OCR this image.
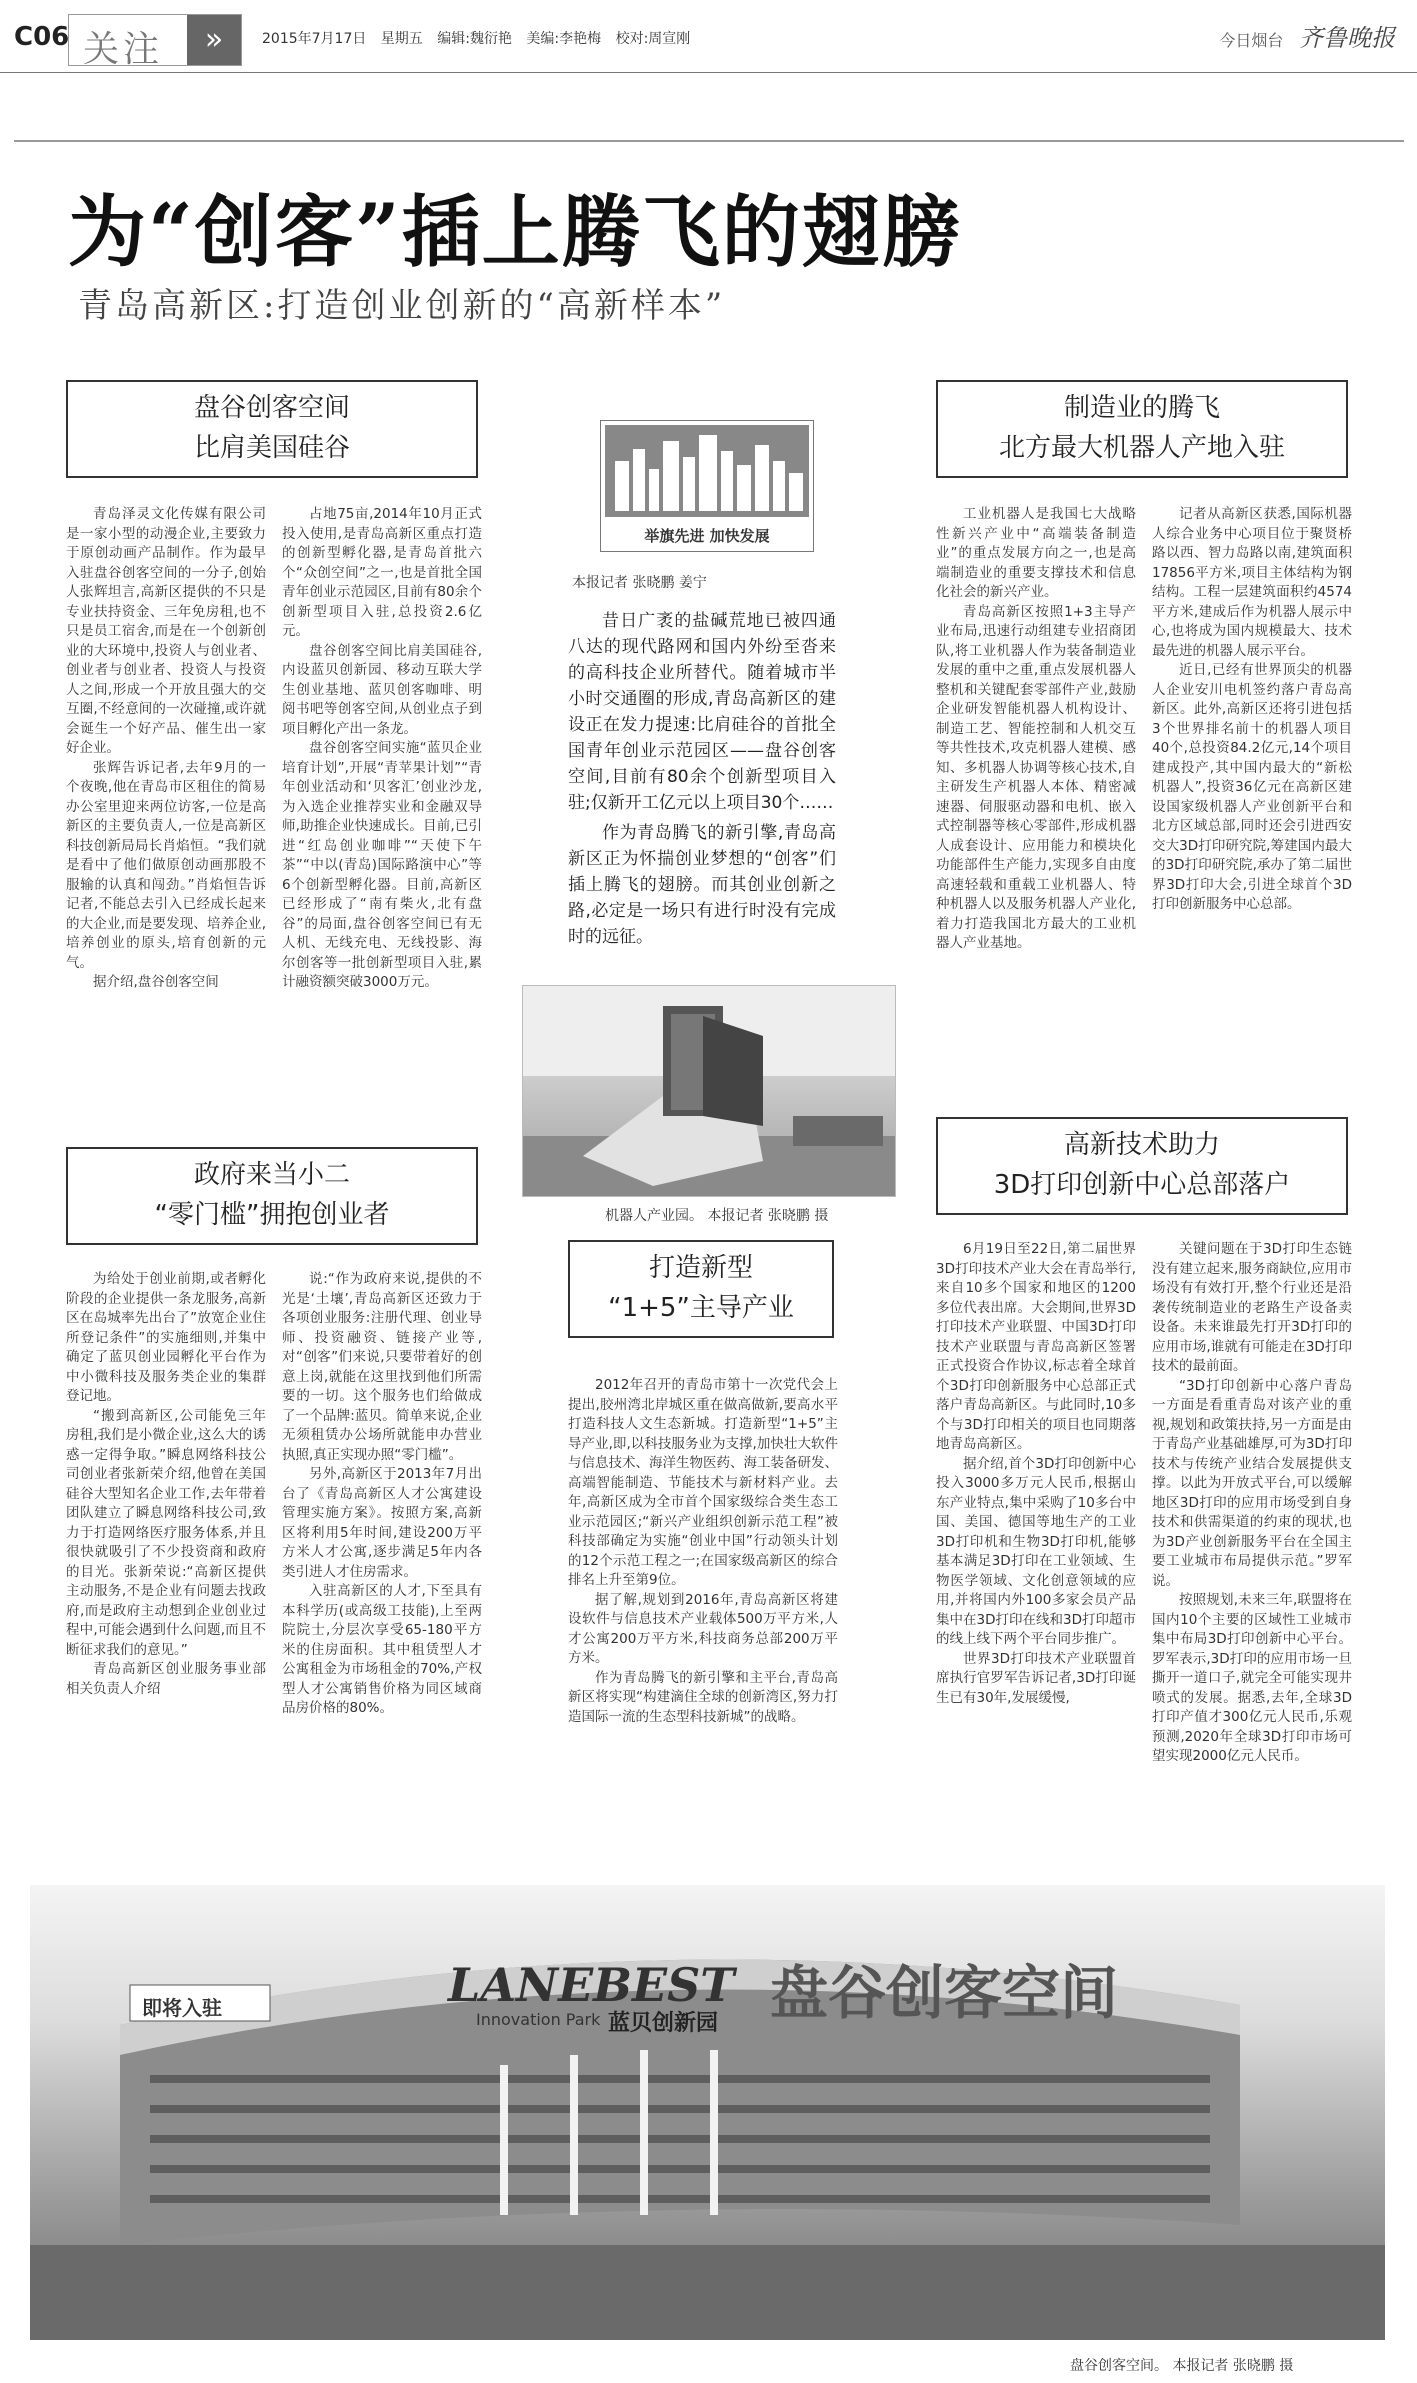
C06 关注	»	2015年7月17日 星期五 编辑:魏衍艳 美编:李艳梅 校对:周宣刚	今日烟台 齐鲁晚报
为“创客”插上腾飞的翅膀
青岛高新区:打造创业创新的“高新样本”
盘谷创客空间
比肩美国硅谷

青岛泽灵文化传媒有限公司是一家小型的动漫企业,主要致力于原创动画产品制作。作为最早入驻盘谷创客空间的一分子,创始人张辉坦言,高新区提供的不只是专业扶持资金、三年免房租,也不只是员工宿舍,而是在一个创新创业的大环境中,投资人与创业者、创业者与创业者、投资人与投资人之间,形成一个开放且强大的交互圈,不经意间的一次碰撞,或许就会诞生一个好产品、催生出一家好企业。

张辉告诉记者,去年9月的一个夜晚,他在青岛市区租住的简易办公室里迎来两位访客,一位是高新区的主要负责人,一位是高新区科技创新局局长肖焰恒。“我们就是看中了他们做原创动画那股不服输的认真和闯劲。”肖焰恒告诉记者,不能总去引入已经成长起来的大企业,而是要发现、培养企业,培养创业的原头,培育创新的元气。

据介绍,盘谷创客空间

占地75亩,2014年10月正式投入使用,是青岛高新区重点打造的创新型孵化器,是青岛首批六个“众创空间”之一,也是首批全国青年创业示范园区,目前有80余个创新型项目入驻,总投资2.6亿元。

盘谷创客空间比肩美国硅谷,内设蓝贝创新园、移动互联大学生创业基地、蓝贝创客咖啡、明阅书吧等创客空间,从创业点子到项目孵化产出一条龙。

盘谷创客空间实施“蓝贝企业培育计划”,开展“青苹果计划”“青年创业活动和‘贝客汇’创业沙龙,为入选企业推荐实业和金融双导师,助推企业快速成长。目前,已引进“红岛创业咖啡”“天使下午茶”“中以(青岛)国际路演中心”等6个创新型孵化器。目前,高新区已经形成了“南有柴火,北有盘谷”的局面,盘谷创客空间已有无人机、无线充电、无线投影、海尔创客等一批创新型项目入驻,累计融资额突破3000万元。

政府来当小二
“零门槛”拥抱创业者

为给处于创业前期,或者孵化阶段的企业提供一条龙服务,高新区在岛城率先出台了”放宽企业住所登记条件”的实施细则,并集中确定了蓝贝创业园孵化平台作为中小微科技及服务类企业的集群登记地。

“搬到高新区,公司能免三年房租,我们是小微企业,这么大的诱惑一定得争取。”瞬息网络科技公司创业者张新荣介绍,他曾在美国硅谷大型知名企业工作,去年带着团队建立了瞬息网络科技公司,致力于打造网络医疗服务体系,并且很快就吸引了不少投资商和政府的目光。张新荣说:“高新区提供主动服务,不是企业有问题去找政府,而是政府主动想到企业创业过程中,可能会遇到什么问题,而且不断征求我们的意见。”

青岛高新区创业服务事业部相关负责人介绍

说:“作为政府来说,提供的不光是‘土壤’,青岛高新区还致力于各项创业服务:注册代理、创业导师、投资融资、链接产业等,对“创客”们来说,只要带着好的创意上岗,就能在这里找到他们所需要的一切。这个服务也们给做成了一个品牌:蓝贝。简单来说,企业无须租赁办公场所就能申办营业执照,真正实现办照“零门槛”。

另外,高新区于2013年7月出台了《青岛高新区人才公寓建设管理实施方案》。按照方案,高新区将利用5年时间,建设200万平方米人才公寓,逐步满足5年内各类引进人才住房需求。

入驻高新区的人才,下至具有本科学历(或高级工技能),上至两院院士,分层次享受65-180平方米的住房面积。其中租赁型人才公寓租金为市场租金的70%,产权型人才公寓销售价格为同区域商品房价格的80%。

举旗先进 加快发展
本报记者 张晓鹏 姜宁

昔日广袤的盐碱荒地已被四通八达的现代路网和国内外纷至沓来的高科技企业所替代。随着城市半小时交通圈的形成,青岛高新区的建设正在发力提速:比肩硅谷的首批全国青年创业示范园区——盘谷创客空间,目前有80余个创新型项目入驻;仅新开工亿元以上项目30个……

作为青岛腾飞的新引擎,青岛高新区正为怀揣创业梦想的“创客”们插上腾飞的翅膀。而其创业创新之路,必定是一场只有进行时没有完成时的远征。

机器人产业园。 本报记者 张晓鹏 摄
打造新型
“1+5”主导产业

2012年召开的青岛市第十一次党代会上提出,胶州湾北岸城区重在做高做新,要高水平打造科技人文生态新城。打造新型“1+5”主导产业,即,以科技服务业为支撑,加快壮大软件与信息技术、海洋生物医药、海工装备研发、高端智能制造、节能技术与新材料产业。去年,高新区成为全市首个国家级综合类生态工业示范园区;“新兴产业组织创新示范工程”被科技部确定为实施“创业中国”行动领头计划的12个示范工程之一;在国家级高新区的综合排名上升至第9位。

据了解,规划到2016年,青岛高新区将建设软件与信息技术产业载体500万平方米,人才公寓200万平方米,科技商务总部200万平方米。

作为青岛腾飞的新引擎和主平台,青岛高新区将实现“构建滴住全球的创新湾区,努力打造国际一流的生态型科技新城”的战略。

制造业的腾飞
北方最大机器人产地入驻

工业机器人是我国七大战略性新兴产业中“高端装备制造业”的重点发展方向之一,也是高端制造业的重要支撑技术和信息化社会的新兴产业。

青岛高新区按照1+3主导产业布局,迅速行动组建专业招商团队,将工业机器人作为装备制造业发展的重中之重,重点发展机器人整机和关键配套零部件产业,鼓励企业研发智能机器人机构设计、制造工艺、智能控制和人机交互等共性技术,攻克机器人建模、感知、多机器人协调等核心技术,自主研发生产机器人本体、精密减速器、伺服驱动器和电机、嵌入式控制器等核心零部件,形成机器人成套设计、应用能力和模块化功能部件生产能力,实现多自由度高速轻载和重载工业机器人、特种机器人以及服务机器人产业化,着力打造我国北方最大的工业机器人产业基地。

记者从高新区获悉,国际机器人综合业务中心项目位于聚贤桥路以西、智力岛路以南,建筑面积17856平方米,项目主体结构为钢结构。工程一层建筑面积约4574平方米,建成后作为机器人展示中心,也将成为国内规模最大、技术最先进的机器人展示平台。

近日,已经有世界顶尖的机器人企业安川电机签约落户青岛高新区。此外,高新区还将引进包括3个世界排名前十的机器人项目40个,总投资84.2亿元,14个项目建成投产,其中国内最大的“新松机器人”,投资36亿元在高新区建设国家级机器人产业创新平台和北方区域总部,同时还会引进西安交大3D打印研究院,筹建国内最大的3D打印研究院,承办了第二届世界3D打印大会,引进全球首个3D打印创新服务中心总部。

高新技术助力
3D打印创新中心总部落户

6月19日至22日,第二届世界3D打印技术产业大会在青岛举行,来自10多个国家和地区的1200多位代表出席。大会期间,世界3D打印技术产业联盟、中国3D打印技术产业联盟与青岛高新区签署正式投资合作协议,标志着全球首个3D打印创新服务中心总部正式落户青岛高新区。与此同时,10多个与3D打印相关的项目也同期落地青岛高新区。

据介绍,首个3D打印创新中心投入3000多万元人民币,根据山东产业特点,集中采购了10多台中国、美国、德国等地生产的工业3D打印机和生物3D打印机,能够基本满足3D打印在工业领域、生物医学领域、文化创意领域的应用,并将国内外100多家会员产品集中在3D打印在线和3D打印超市的线上线下两个平台同步推广。

世界3D打印技术产业联盟首席执行官罗军告诉记者,3D打印诞生已有30年,发展缓慢,

关键问题在于3D打印生态链没有建立起来,服务商缺位,应用市场没有有效打开,整个行业还是沿袭传统制造业的老路生产设备卖设备。未来谁最先打开3D打印的应用市场,谁就有可能走在3D打印技术的最前面。

“3D打印创新中心落户青岛一方面是看重青岛对该产业的重视,规划和政策扶持,另一方面是由于青岛产业基础雄厚,可为3D打印技术与传统产业结合发展提供支撑。以此为开放式平台,可以缓解地区3D打印的应用市场受到自身技术和供需渠道的约束的现状,也为3D产业创新服务平台在全国主要工业城市布局提供示范。”罗军说。

按照规划,未来三年,联盟将在国内10个主要的区域性工业城市集中布局3D打印创新中心平台。罗军表示,3D打印的应用市场一旦撕开一道口子,就完全可能实现井喷式的发展。据悉,去年,全球3D打印产值才300亿元人民币,乐观预测,2020年全球3D打印市场可望实现2000亿元人民币。

LANEBEST
Innovation Park 蓝贝创新园 盘谷创客空间
即将入驻
盘谷创客空间。 本报记者 张晓鹏 摄
